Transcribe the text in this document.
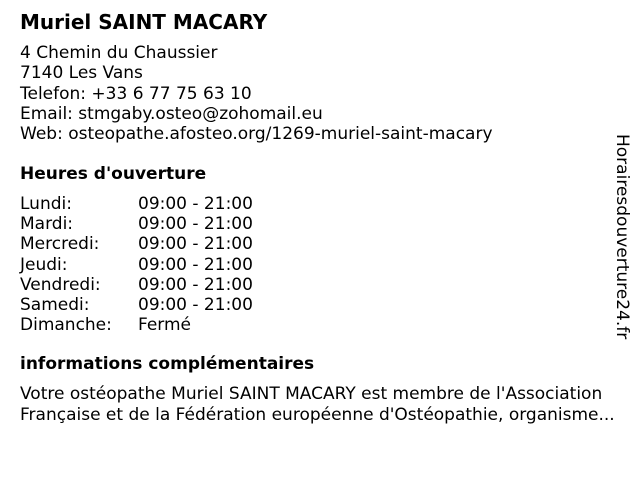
Muriel SAINT MACARY
4 Chemin du Chaussier
7140 Les Vans
Telefon: +33 6 77 75 63 10
Email: stmgaby.osteo@zohomail.eu
Web: osteopathe.afosteo.org/1269-muriel-saint-macary
Heures d'ouverture
Lundi:	09:00 - 21:00
Mardi:	09:00 - 21:00
Mercredi: 09:00 - 21:00
Jeudi:	09:00 - 21:00
Vendredi: 09:00 - 21:00
Samedi:	09:00 - 21:00
Dimanche: Fermé
informations complémentaires
Votre ostéopathe Muriel SAINT MACARY est membre de l'Association
Française et de la Fédération européenne d'Ostéopathie, organisme...
Horairesdouverture24.fr
